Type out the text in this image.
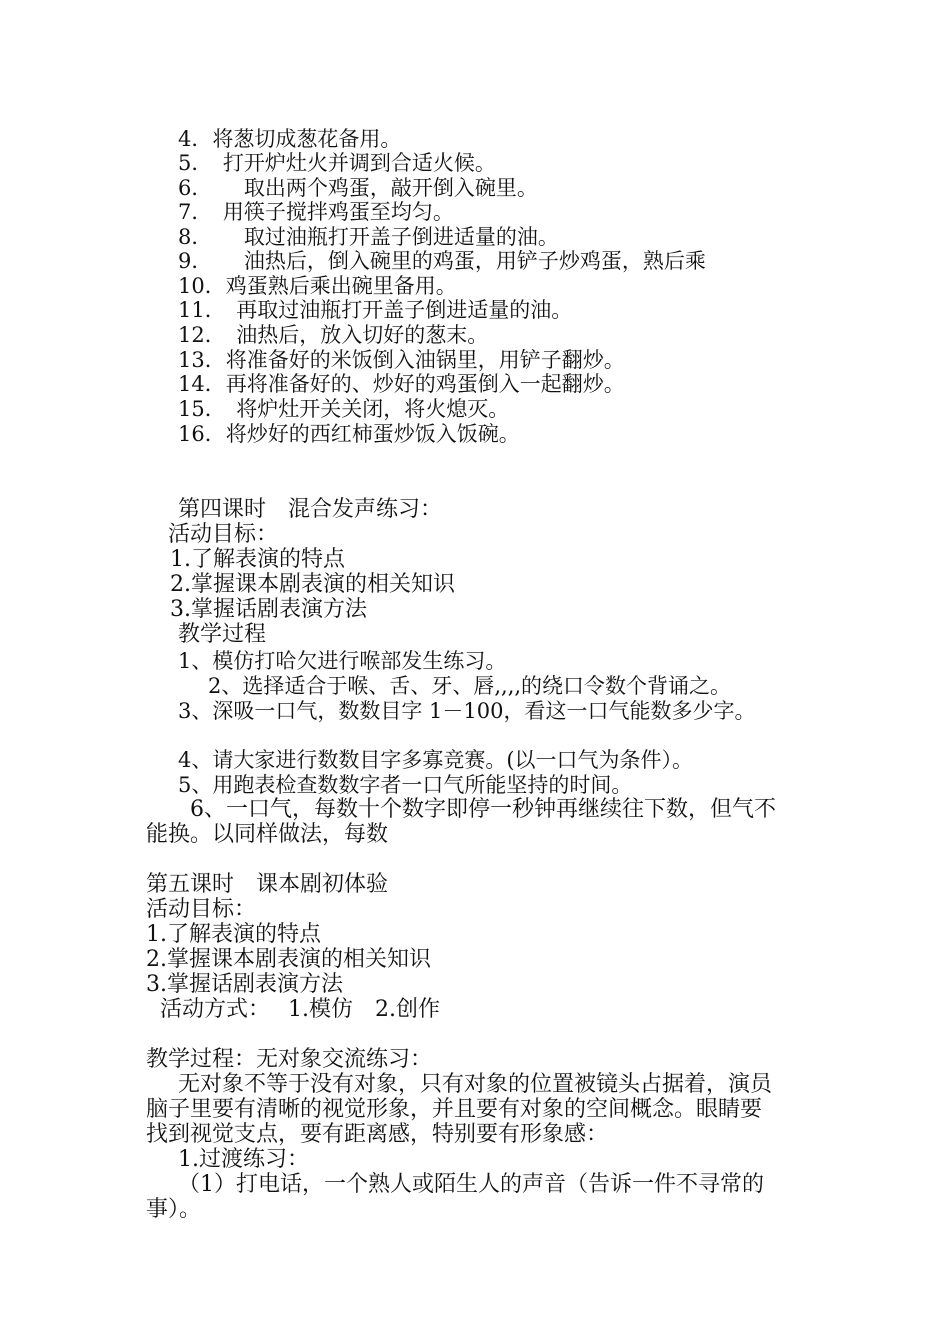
4．将葱切成葱花备用。
5．　打开炉灶火并调到合适火候。
6．　　取出两个鸡蛋，敲开倒入碗里。
7．　用筷子搅拌鸡蛋至均匀。
8．　　取过油瓶打开盖子倒进适量的油。
9．　　油热后，倒入碗里的鸡蛋，用铲子炒鸡蛋，熟后乘
10．鸡蛋熟后乘出碗里备用。
11．　再取过油瓶打开盖子倒进适量的油。
12．　油热后，放入切好的葱末。
13．将准备好的米饭倒入油锅里，用铲子翻炒。
14．再将准备好的、炒好的鸡蛋倒入一起翻炒。
15．　将炉灶开关关闭，将火熄灭。
16．将炒好的西红柿蛋炒饭入饭碗。
第四课时　混合发声练习：
活动目标：
1.了解表演的特点
2.掌握课本剧表演的相关知识
3.掌握话剧表演方法
教学过程
1、模仿打哈欠进行喉部发生练习。
2、选择适合于喉、舌、牙、唇,,,,的绕口令数个背诵之。
3、深吸一口气，数数目字 1－100，看这一口气能数多少字。
4、请大家进行数数目字多寡竞赛。(以一口气为条件）。
5、用跑表检查数数字者一口气所能坚持的时间。
6、一口气，每数十个数字即停一秒钟再继续往下数，但气不
能换。以同样做法，每数
第五课时　课本剧初体验
活动目标：
1.了解表演的特点
2.掌握课本剧表演的相关知识
3.掌握话剧表演方法
活动方式：　 1.模仿　2.创作
教学过程：无对象交流练习：
无对象不等于没有对象，只有对象的位置被镜头占据着，演员
脑子里要有清晰的视觉形象，并且要有对象的空间概念。眼睛要
找到视觉支点，要有距离感，特别要有形象感：
1.过渡练习：
（1）打电话，一个熟人或陌生人的声音（告诉一件不寻常的
事）。
